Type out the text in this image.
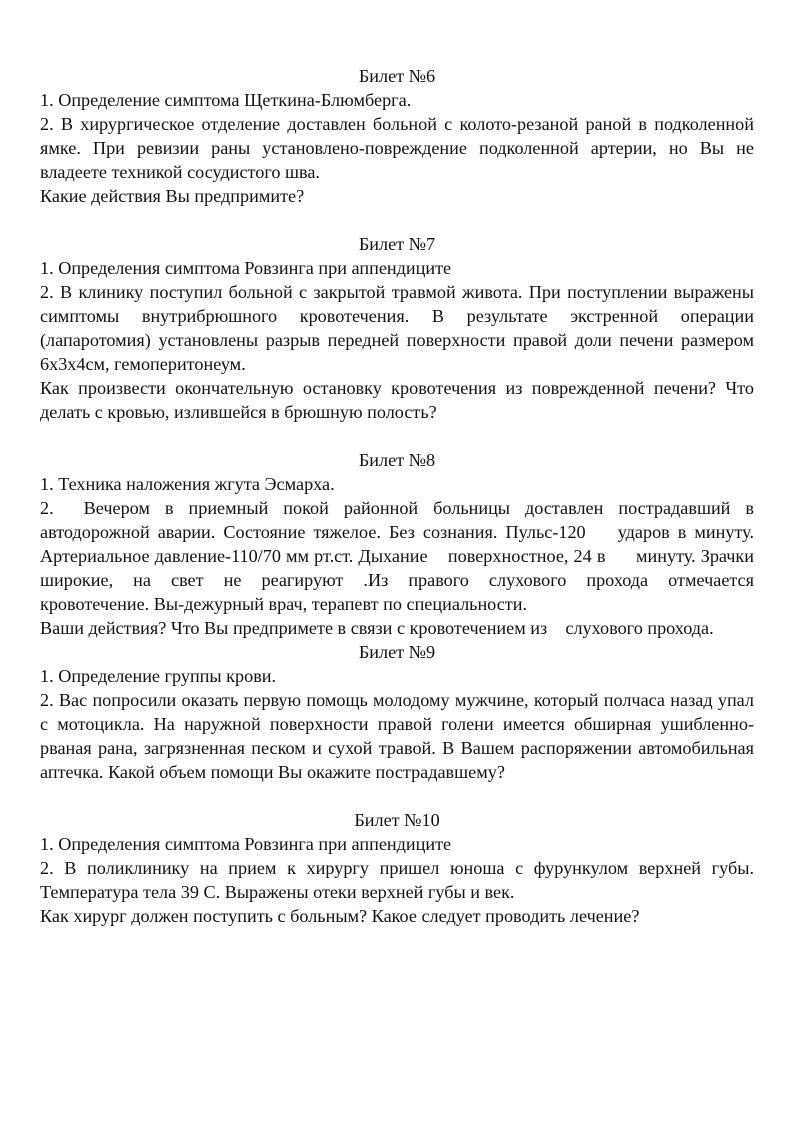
Билет №6

1. Определение симптома Щеткина-Блюмберга.

2. В хирургическое отделение доставлен больной с колото-резаной раной в подколенной ямке. При ревизии раны установлено-повреждение подколенной артерии, но Вы не владеете техникой сосудистого шва.

Какие действия Вы предпримите?

Билет №7

1. Определения симптома Ровзинга при аппендиците

2. В клинику поступил больной с закрытой травмой живота. При поступлении выражены симптомы внутрибрюшного кровотечения. В результате экстренной операции (лапаротомия) установлены разрыв передней поверхности правой доли печени размером 6х3х4см, гемоперитонеум.

Как произвести окончательную остановку кровотечения из поврежденной печени? Что делать с кровью, излившейся в брюшную полость?

Билет №8

1. Техника наложения жгута Эсмарха.

2.  Вечером в приемный покой районной больницы доставлен пострадавший в автодорожной аварии. Состояние тяжелое. Без сознания. Пульс-120    ударов в минуту. Артериальное давление-110/70 мм рт.ст. Дыхание    поверхностное, 24 в      минуту. Зрачки широкие, на свет не реагируют .Из правого слухового прохода отмечается          кровотечение. Вы-дежурный врач, терапевт по специальности.

Ваши действия? Что Вы предпримете в связи с кровотечением из    слухового прохода.

Билет №9

1. Определение группы крови.

2. Вас попросили оказать первую помощь молодому мужчине, который полчаса назад упал с мотоцикла. На наружной поверхности правой голени имеется обширная ушибленно-рваная рана, загрязненная песком и сухой травой. В Вашем распоряжении автомобильная аптечка. Какой объем помощи Вы окажите пострадавшему?

Билет №10

1. Определения симптома Ровзинга при аппендиците

2. В поликлинику на прием к хирургу пришел юноша с фурункулом верхней губы. Температура тела 39 С. Выражены отеки верхней губы и век.

Как хирург должен поступить с больным? Какое следует проводить лечение?
